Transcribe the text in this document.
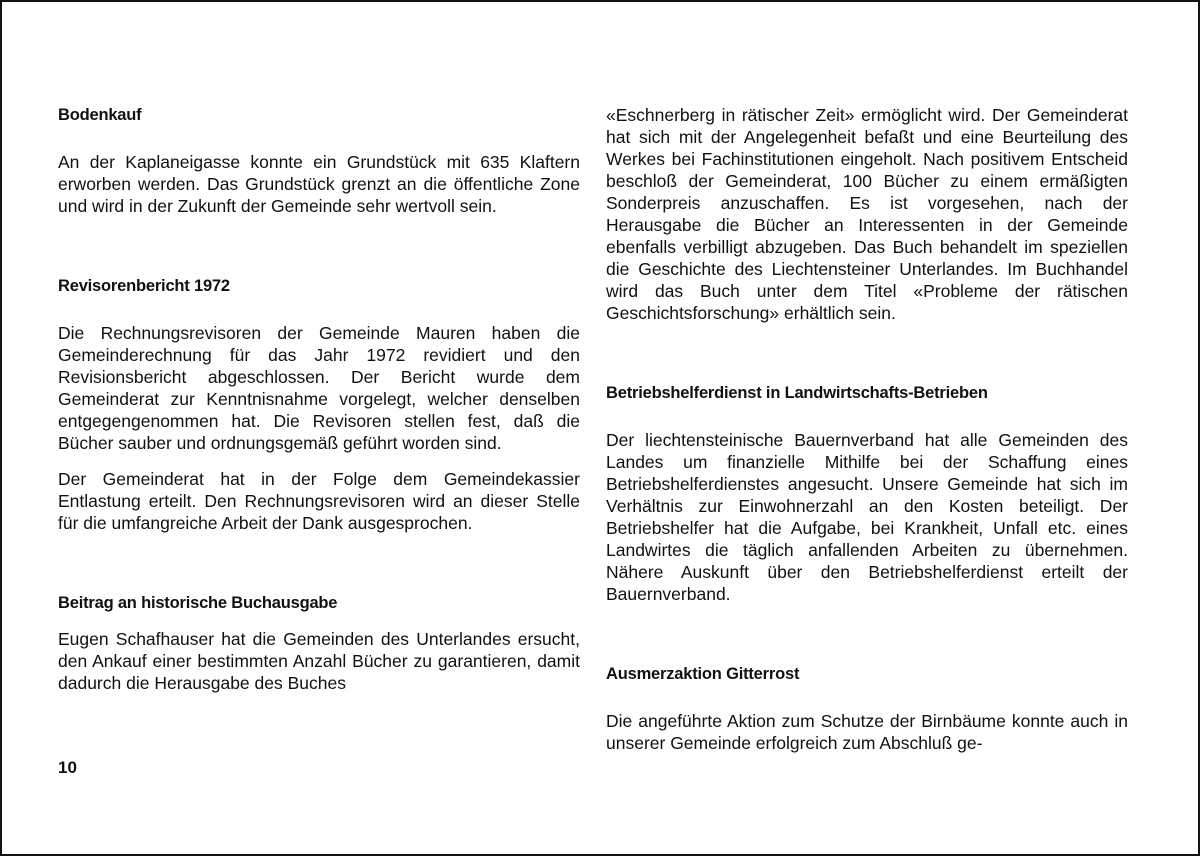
Bodenkauf

An der Kaplaneigasse konnte ein Grundstück mit 635 Klaftern erworben werden. Das Grundstück grenzt an die öffentliche Zone und wird in der Zukunft der Gemeinde sehr wertvoll sein.

Revisorenbericht 1972

Die Rechnungsrevisoren der Gemeinde Mauren haben die Gemeinderechnung für das Jahr 1972 revidiert und den Revisionsbericht abgeschlossen. Der Bericht wurde dem Gemeinderat zur Kenntnisnahme vorgelegt, welcher denselben entgegengenommen hat. Die Revisoren stellen fest, daß die Bücher sauber und ordnungsgemäß geführt worden sind.

Der Gemeinderat hat in der Folge dem Gemeindekassier Entlastung erteilt. Den Rechnungsrevisoren wird an dieser Stelle für die umfangreiche Arbeit der Dank ausgesprochen.

Beitrag an historische Buchausgabe

Eugen Schafhauser hat die Gemeinden des Unterlandes ersucht, den Ankauf einer bestimmten Anzahl Bücher zu garantieren, damit dadurch die Herausgabe des Buches

«Eschnerberg in rätischer Zeit» ermöglicht wird. Der Gemeinderat hat sich mit der Angelegenheit befaßt und eine Beurteilung des Werkes bei Fachinstitutionen eingeholt. Nach positivem Entscheid beschloß der Gemeinderat, 100 Bücher zu einem ermäßigten Sonderpreis anzuschaffen. Es ist vorgesehen, nach der Herausgabe die Bücher an Interessenten in der Gemeinde ebenfalls verbilligt abzugeben. Das Buch behandelt im speziellen die Geschichte des Liechtensteiner Unterlandes. Im Buchhandel wird das Buch unter dem Titel «Probleme der rätischen Geschichtsforschung» erhältlich sein.

Betriebshelferdienst in Landwirtschafts-Betrieben

Der liechtensteinische Bauernverband hat alle Gemeinden des Landes um finanzielle Mithilfe bei der Schaffung eines Betriebshelferdienstes angesucht. Unsere Gemeinde hat sich im Verhältnis zur Einwohnerzahl an den Kosten beteiligt. Der Betriebshelfer hat die Aufgabe, bei Krankheit, Unfall etc. eines Landwirtes die täglich anfallenden Arbeiten zu übernehmen. Nähere Auskunft über den Betriebshelferdienst erteilt der Bauernverband.

Ausmerzaktion Gitterrost

Die angeführte Aktion zum Schutze der Birnbäume konnte auch in unserer Gemeinde erfolgreich zum Abschluß ge-

10
